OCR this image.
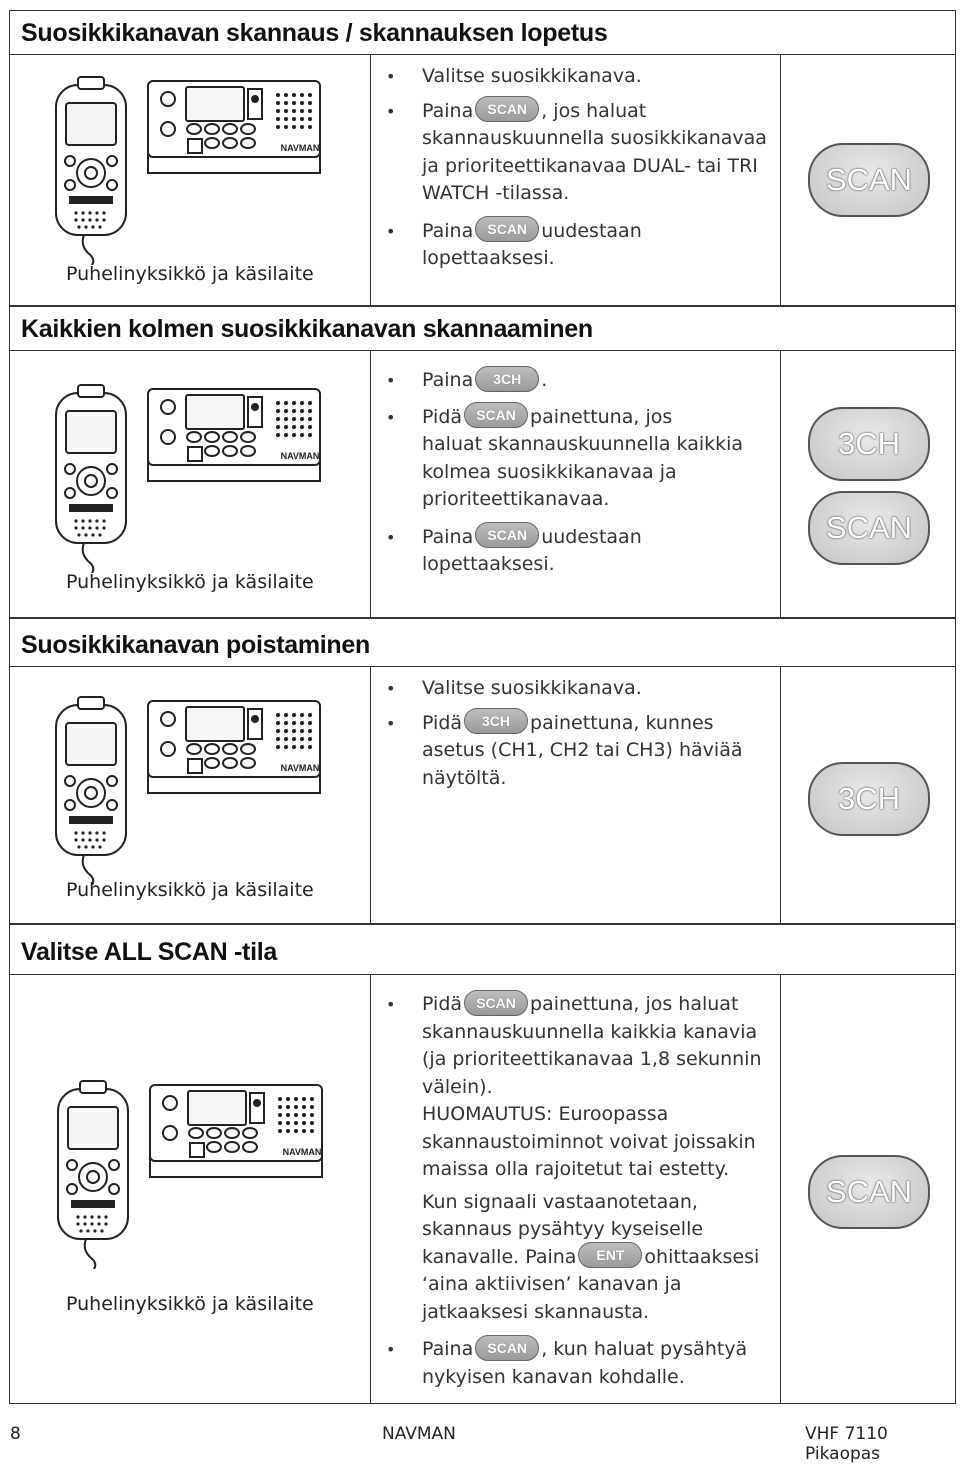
Suosikkikanavan skannaus / skannauksen lopetus
NAVMAN
Puhelinyksikkö ja käsilaite
• Valitse suosikkikanava.
• Paina SCAN , jos haluat
skannauskuunnella suosikkikanavaa
ja prioriteettikanavaa DUAL- tai TRI
WATCH -tilassa.
• Paina SCAN uudestaan
lopettaaksesi.
SCAN
Kaikkien kolmen suosikkikanavan skannaaminen
NAVMAN
Puhelinyksikkö ja käsilaite
• Paina 3CH .
• Pidä SCAN painettuna, jos
haluat skannauskuunnella kaikkia
kolmea suosikkikanavaa ja
prioriteettikanavaa.
• Paina SCAN uudestaan
lopettaaksesi.
3CH
SCAN
Suosikkikanavan poistaminen
NAVMAN
Puhelinyksikkö ja käsilaite
• Valitse suosikkikanava.
• Pidä 3CH painettuna, kunnes
asetus (CH1, CH2 tai CH3) häviää
näytöltä.
3CH
Valitse ALL SCAN -tila
NAVMAN
Puhelinyksikkö ja käsilaite
• Pidä SCAN painettuna, jos haluat
skannauskuunnella kaikkia kanavia
(ja prioriteettikanavaa 1,8 sekunnin
välein).
HUOMAUTUS: Euroopassa
skannaustoiminnot voivat joissakin
maissa olla rajoitetut tai estetty.
Kun signaali vastaanotetaan,
skannaus pysähtyy kyseiselle
kanavalle. Paina ENT ohittaaksesi
‘aina aktiivisen’ kanavan ja
jatkaaksesi skannausta.
• Paina SCAN , kun haluat pysähtyä
nykyisen kanavan kohdalle.
SCAN
8	NAVMAN	VHF 7110 Pikaopas
